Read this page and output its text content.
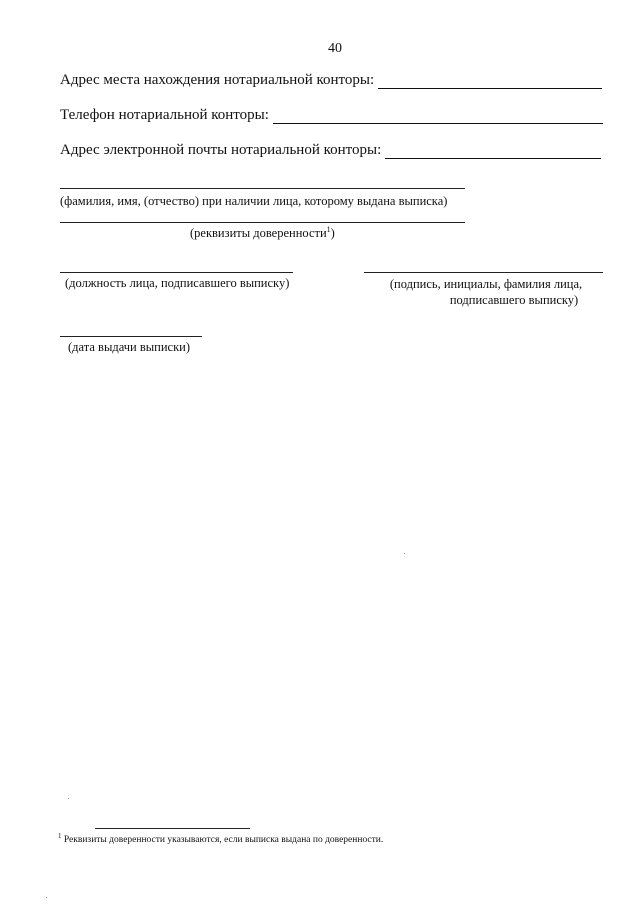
40
Адрес места нахождения нотариальной конторы:
Телефон нотариальной конторы:
Адрес электронной почты нотариальной конторы:
(фамилия, имя, (отчество) при наличии лица, которому выдана выписка)
(реквизиты доверенности$^1$)
(должность лица, подписавшего выписку)	(подпись, инициалы, фамилия лица,
подписавшего выписку)
(дата выдачи выписки)
$^1$ Реквизиты доверенности указываются, если выписка выдана по доверенности.
